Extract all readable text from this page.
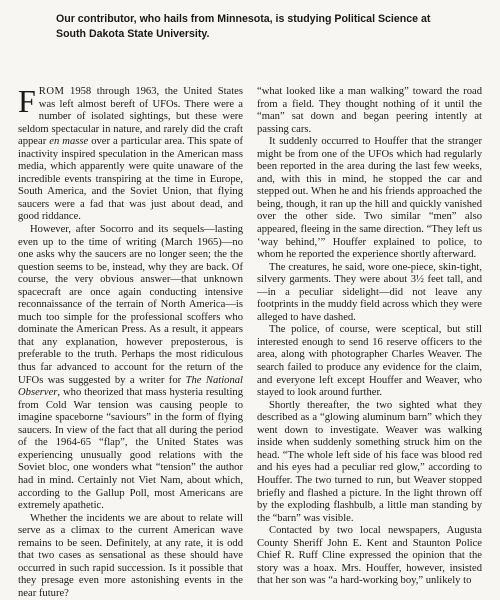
Our contributor, who hails from Minnesota, is studying Political Science at South Dakota State University.

FROM 1958 through 1963, the United States was left almost bereft of UFOs. There were a number of isolated sightings, but these were seldom spectacular in nature, and rarely did the craft appear en masse over a particular area. This spate of inactivity inspired speculation in the American mass media, which apparently were quite unaware of the incredible events transpiring at the time in Europe, South America, and the Soviet Union, that flying saucers were a fad that was just about dead, and good riddance.

However, after Socorro and its sequels—lasting even up to the time of writing (March 1965)—no one asks why the saucers are no longer seen; the the question seems to be, instead, why they are back. Of course, the very obvious answer—that unknown spacecraft are once again conducting intensive reconnaissance of the terrain of North America—is much too simple for the professional scoffers who dominate the American Press. As a result, it appears that any explanation, however preposterous, is preferable to the truth. Perhaps the most ridiculous thus far advanced to account for the return of the UFOs was suggested by a writer for The National Observer, who theorized that mass hysteria resulting from Cold War tension was causing people to imagine spaceborne “saviours” in the form of flying saucers. In view of the fact that all during the period of the 1964-65 “flap”, the United States was experiencing unusually good relations with the Soviet bloc, one wonders what “tension” the author had in mind. Certainly not Viet Nam, about which, according to the Gallup Poll, most Americans are extremely apathetic.

Whether the incidents we are about to relate will serve as a climax to the current American wave remains to be seen. Definitely, at any rate, it is odd that two cases as sensational as these should have occurred in such rapid succession. Is it possible that they presage even more astonishing events in the near future?

“what looked like a man walking” toward the road from a field. They thought nothing of it until the “man” sat down and began peering intently at passing cars.

It suddenly occurred to Houffer that the stranger might be from one of the UFOs which had regularly been reported in the area during the last few weeks, and, with this in mind, he stopped the car and stepped out. When he and his friends approached the being, though, it ran up the hill and quickly vanished over the other side. Two similar “men” also appeared, fleeing in the same direction. “They left us ‘way behind,’” Houffer explained to police, to whom he reported the experience shortly afterward.

The creatures, he said, wore one-piece, skin-tight, silvery garments. They were about 3½ feet tall, and—in a peculiar sidelight—did not leave any footprints in the muddy field across which they were alleged to have dashed.

The police, of course, were sceptical, but still interested enough to send 16 reserve officers to the area, along with photographer Charles Weaver. The search failed to produce any evidence for the claim, and everyone left except Houffer and Weaver, who stayed to look around further.

Shortly thereafter, the two sighted what they described as a “glowing aluminum barn” which they went down to investigate. Weaver was walking inside when suddenly something struck him on the head. “The whole left side of his face was blood red and his eyes had a peculiar red glow,” according to Houffer. The two turned to run, but Weaver stopped briefly and flashed a picture. In the light thrown off by the exploding flashbulb, a little man standing by the “barn” was visible.

Contacted by two local newspapers, Augusta County Sheriff John E. Kent and Staunton Police Chief R. Ruff Cline expressed the opinion that the story was a hoax. Mrs. Houffer, however, insisted that her son was “a hard-working boy,” unlikely to
